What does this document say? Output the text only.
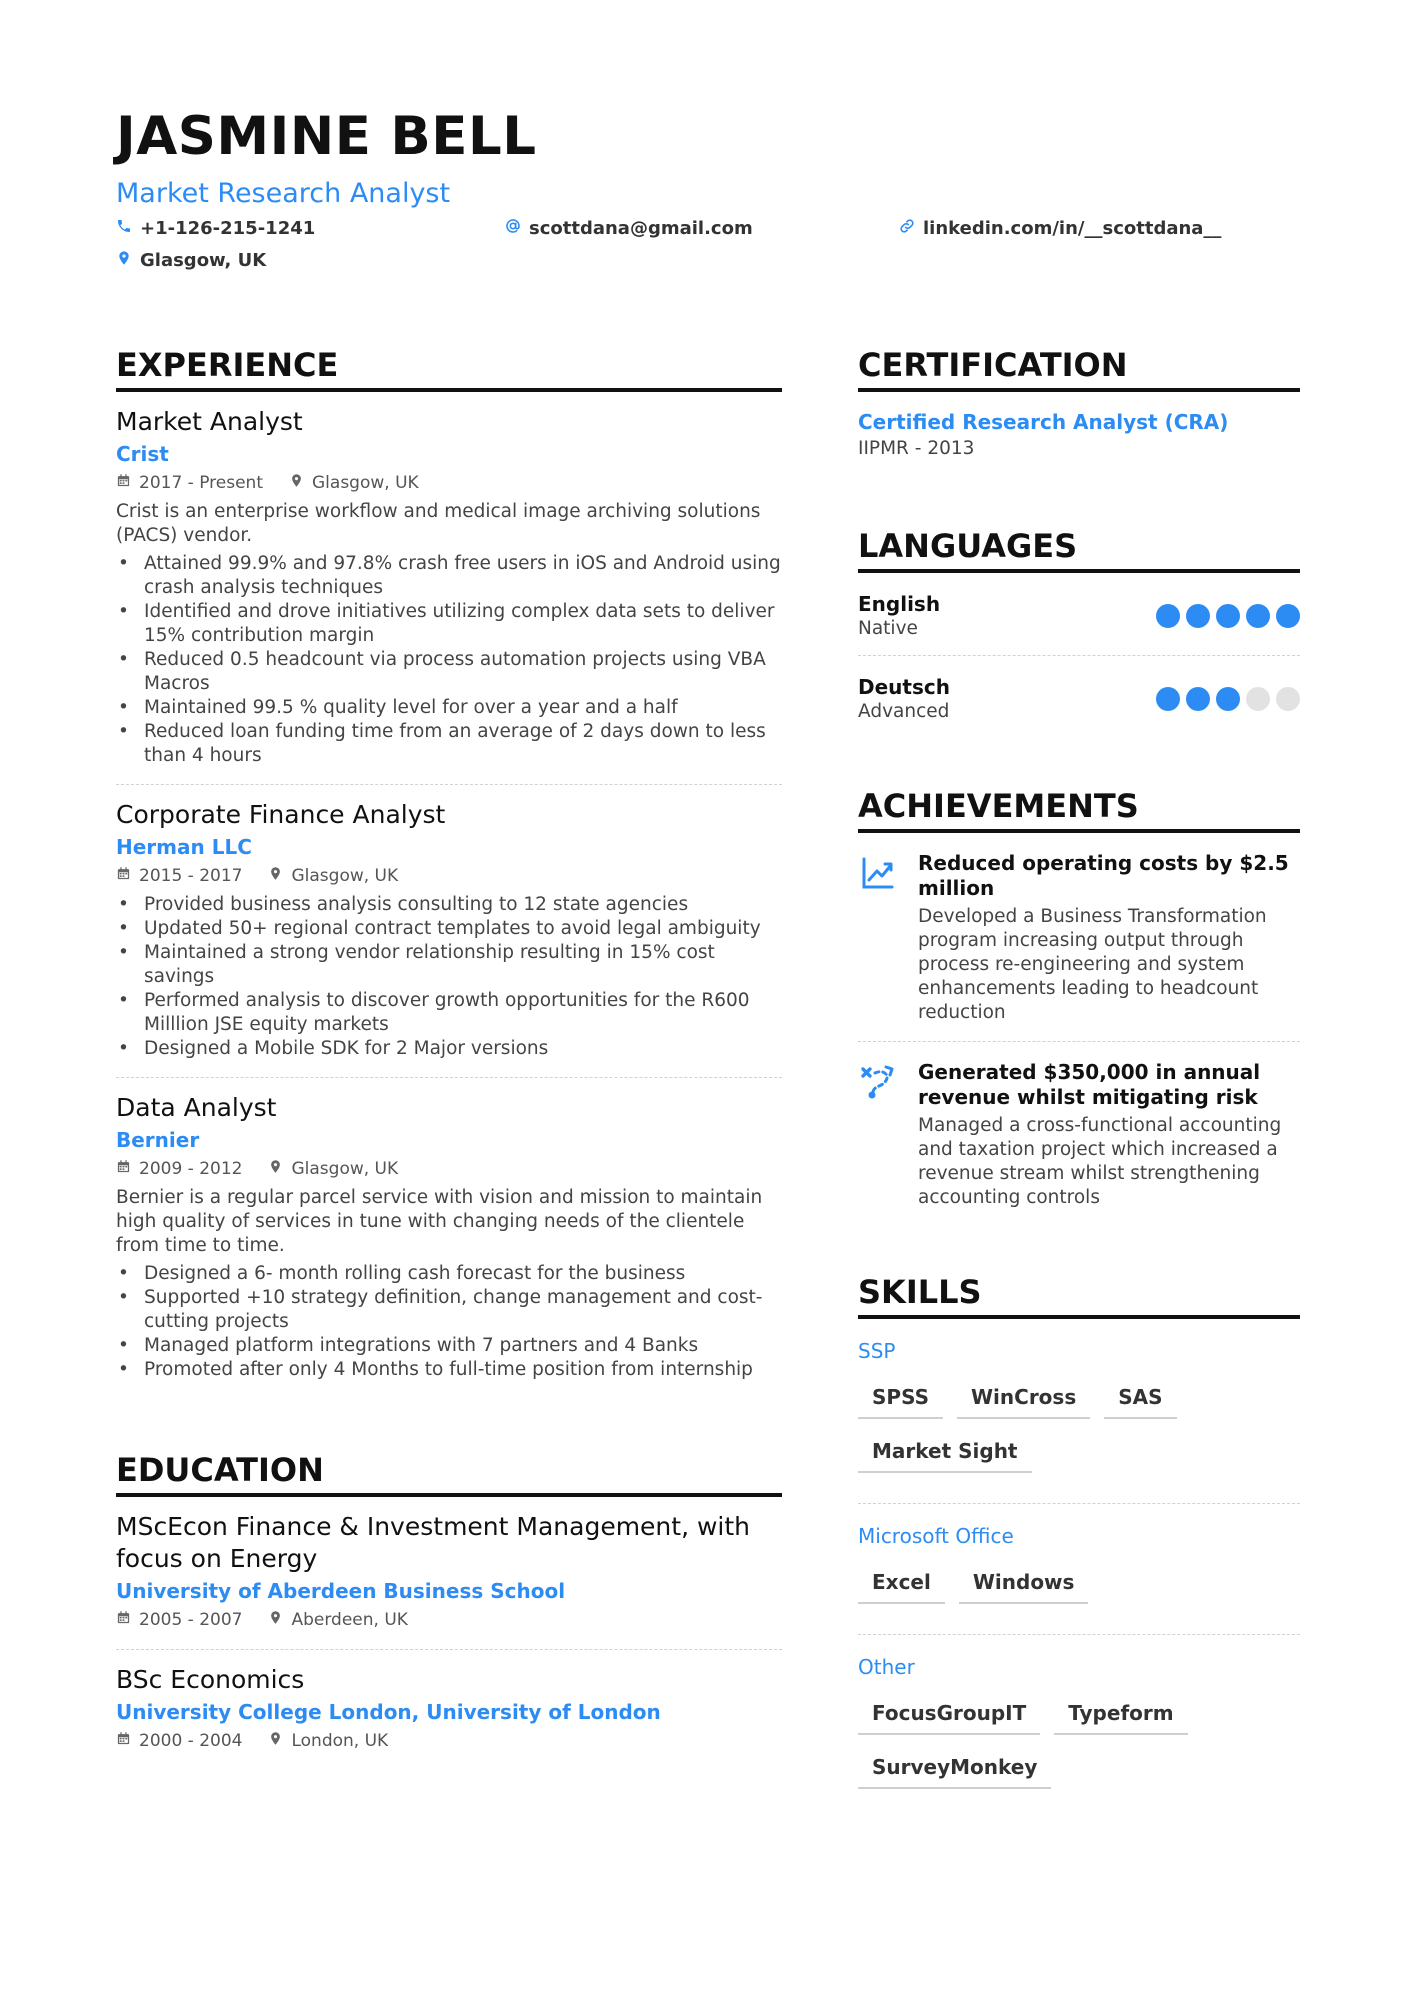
JASMINE BELL
Market Research Analyst
+1-126-215-1241	scottdana@gmail.com	linkedin.com/in/__scottdana__
Glasgow, UK
EXPERIENCE
Market Analyst
Crist
2017 - Present	Glasgow, UK
Crist is an enterprise workflow and medical image archiving solutions (PACS) vendor.
• Attained 99.9% and 97.8% crash free users in iOS and Android using crash analysis techniques
• Identified and drove initiatives utilizing complex data sets to deliver 15% contribution margin
• Reduced 0.5 headcount via process automation projects using VBA Macros
• Maintained 99.5 % quality level for over a year and a half
• Reduced loan funding time from an average of 2 days down to less than 4 hours
Corporate Finance Analyst
Herman LLC
2015 - 2017	Glasgow, UK
• Provided business analysis consulting to 12 state agencies
• Updated 50+ regional contract templates to avoid legal ambiguity
• Maintained a strong vendor relationship resulting in 15% cost savings
• Performed analysis to discover growth opportunities for the R600 Milllion JSE equity markets
• Designed a Mobile SDK for 2 Major versions
Data Analyst
Bernier
2009 - 2012	Glasgow, UK
Bernier is a regular parcel service with vision and mission to maintain high quality of services in tune with changing needs of the clientele from time to time.
• Designed a 6- month rolling cash forecast for the business
• Supported +10 strategy definition, change management and cost-cutting projects
• Managed platform integrations with 7 partners and 4 Banks
• Promoted after only 4 Months to full-time position from internship
EDUCATION
MScEcon Finance & Investment Management, with focus on Energy
University of Aberdeen Business School
2005 - 2007	Aberdeen, UK
BSc Economics
University College London, University of London
2000 - 2004	London, UK
CERTIFICATION
Certified Research Analyst (CRA)
IIPMR - 2013
LANGUAGES
English
Native
Deutsch
Advanced
ACHIEVEMENTS
Reduced operating costs by $2.5 million
Developed a Business Transformation program increasing output through process re-engineering and system enhancements leading to headcount reduction
Generated $350,000 in annual revenue whilst mitigating risk
Managed a cross-functional accounting and taxation project which increased a revenue stream whilst strengthening accounting controls
SKILLS
SSP
SPSS	WinCross	SAS
Market Sight
Microsoft Office
Excel	Windows
Other
FocusGroupIT	Typeform
SurveyMonkey
